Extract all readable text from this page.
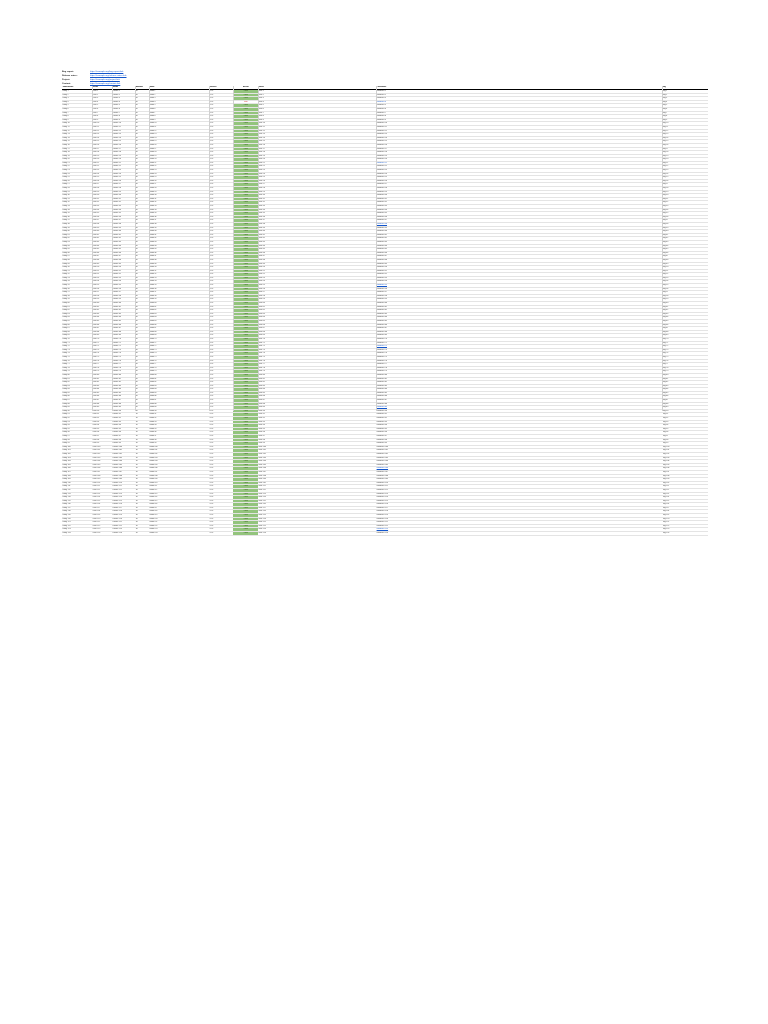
Bug report:	https://example.org/bug-report-link
Release notes:	https://example.org/release-notes-link
Project:	https://example.org/project-link
Contact:	https://example.org/contact-link
Submission	Tester	Model	Android	Build	Version	Result	Notes	Comments	Tag
Entry 1	User 1	Device 1	10	Build 1	v1.0	Pass	note 1	comment 1	Tag 1
Entry 2	User 2	Device 2	10	Build 2	v1.0	Pass	note 2	comment 2	Tag 2
Entry 3	User 3	Device 3	10	Build 3	v1.0	Pass	note 3	comment 3	Tag 3
Entry 4	User 4	Device 4	10	Build 4	v1.0	Fail	note 4	comment 4	Tag 4
Entry 5	User 5	Device 5	10	Build 5	v1.0	Pass	note 5	comment 5	Tag 5
Entry 6	User 6	Device 6	10	Build 6	v1.0	Pass	note 6	comment 6	Tag 6
Entry 7	User 7	Device 7	10	Build 7	v1.0	Pass	note 7	comment 7	Tag 7
Entry 8	User 8	Device 8	10	Build 8	v1.0	Pass	note 8	comment 8	Tag 8
Entry 9	User 9	Device 9	10	Build 9	v1.0	Pass	note 9	comment 9	Tag 9
Entry 10	User 10	Device 10	10	Build 10	v1.0	Pass	note 10	comment 10	Tag 10
Entry 11	User 11	Device 11	10	Build 11	v1.0	Pass	note 11	comment 11	Tag 11
Entry 12	User 12	Device 12	10	Build 12	v1.0	Pass	note 12	comment 12	Tag 12
Entry 13	User 13	Device 13	10	Build 13	v1.0	Pass	note 13	comment 13	Tag 13
Entry 14	User 14	Device 14	10	Build 14	v1.0	Pass	note 14	comment 14	Tag 14
Entry 15	User 15	Device 15	10	Build 15	v1.0	Pass	note 15	comment 15	Tag 15
Entry 16	User 16	Device 16	10	Build 16	v1.0	Pass	note 16	comment 16	Tag 16
Entry 17	User 17	Device 17	10	Build 17	v1.0	Pass	note 17	comment 17	Tag 17
Entry 18	User 18	Device 18	10	Build 18	v1.0	Pass	note 18	comment 18	Tag 18
Entry 19	User 19	Device 19	10	Build 19	v1.0	Pass	note 19	comment 19	Tag 19
Entry 20	User 20	Device 20	10	Build 20	v1.0	Pass	note 20	comment 20	Tag 20
Entry 21	User 21	Device 21	10	Build 21	v1.0	Pass	note 21	comment 21	Tag 21
Entry 22	User 22	Device 22	10	Build 22	v1.0	Pass	note 22	comment 22	Tag 22
Entry 23	User 23	Device 23	10	Build 23	v1.0	Pass	note 23	comment 23	Tag 23
Entry 24	User 24	Device 24	10	Build 24	v1.0	Pass	note 24	comment 24	Tag 24
Entry 25	User 25	Device 25	10	Build 25	v1.0	Pass	note 25	comment 25	Tag 25
Entry 26	User 26	Device 26	10	Build 26	v1.0	Pass	note 26	comment 26	Tag 26
Entry 27	User 27	Device 27	10	Build 27	v1.0	Pass	note 27	comment 27	Tag 27
Entry 28	User 28	Device 28	10	Build 28	v1.0	Pass	note 28	comment 28	Tag 28
Entry 29	User 29	Device 29	10	Build 29	v1.0	Pass	note 29	comment 29	Tag 29
Entry 30	User 30	Device 30	10	Build 30	v1.0	Pass	note 30	comment 30	Tag 30
Entry 31	User 31	Device 31	10	Build 31	v1.0	Pass	note 31	comment 31	Tag 31
Entry 32	User 32	Device 32	10	Build 32	v1.0	Pass	note 32	comment 32	Tag 32
Entry 33	User 33	Device 33	10	Build 33	v1.0	Pass	note 33	comment 33	Tag 33
Entry 34	User 34	Device 34	10	Build 34	v1.0	Pass	note 34	comment 34	Tag 34
Entry 35	User 35	Device 35	10	Build 35	v1.0	Pass	note 35	comment 35	Tag 35
Entry 36	User 36	Device 36	10	Build 36	v1.0	Pass	note 36	comment 36	Tag 36
Entry 37	User 37	Device 37	10	Build 37	v1.0	Pass	note 37	comment 37	Tag 37
Entry 38	User 38	Device 38	10	Build 38	v1.0	Pass	note 38	comment 38	Tag 38
Entry 39	User 39	Device 39	10	Build 39	v1.0	Pass	note 39	comment 39	Tag 39
Entry 40	User 40	Device 40	10	Build 40	v1.0	Pass	note 40	comment 40	Tag 40
Entry 41	User 41	Device 41	10	Build 41	v1.0	Pass	note 41	comment 41	Tag 41
Entry 42	User 42	Device 42	10	Build 42	v1.0	Pass	note 42	comment 42	Tag 42
Entry 43	User 43	Device 43	10	Build 43	v1.0	Pass	note 43	comment 43	Tag 43
Entry 44	User 44	Device 44	10	Build 44	v1.0	Pass	note 44	comment 44	Tag 44
Entry 45	User 45	Device 45	10	Build 45	v1.0	Pass	note 45	comment 45	Tag 45
Entry 46	User 46	Device 46	10	Build 46	v1.0	Pass	note 46	comment 46	Tag 46
Entry 47	User 47	Device 47	10	Build 47	v1.0	Pass	note 47	comment 47	Tag 47
Entry 48	User 48	Device 48	10	Build 48	v1.0	Pass	note 48	comment 48	Tag 48
Entry 49	User 49	Device 49	10	Build 49	v1.0	Pass	note 49	comment 49	Tag 49
Entry 50	User 50	Device 50	10	Build 50	v1.0	Pass	note 50	comment 50	Tag 50
Entry 51	User 51	Device 51	10	Build 51	v1.0	Pass	note 51	comment 51	Tag 51
Entry 52	User 52	Device 52	10	Build 52	v1.0	Pass	note 52	comment 52	Tag 52
Entry 53	User 53	Device 53	10	Build 53	v1.0	Pass	note 53	comment 53	Tag 53
Entry 54	User 54	Device 54	10	Build 54	v1.0	Pass	note 54	comment 54	Tag 54
Entry 55	User 55	Device 55	10	Build 55	v1.0	Pass	note 55	comment 55	Tag 55
Entry 56	User 56	Device 56	10	Build 56	v1.0	Pass	note 56	comment 56	Tag 56
Entry 57	User 57	Device 57	10	Build 57	v1.0	Pass	note 57	comment 57	Tag 57
Entry 58	User 58	Device 58	10	Build 58	v1.0	Pass	note 58	comment 58	Tag 58
Entry 59	User 59	Device 59	10	Build 59	v1.0	Pass	note 59	comment 59	Tag 59
Entry 60	User 60	Device 60	10	Build 60	v1.0	Pass	note 60	comment 60	Tag 60
Entry 61	User 61	Device 61	10	Build 61	v1.0	Pass	note 61	comment 61	Tag 61
Entry 62	User 62	Device 62	10	Build 62	v1.0	Pass	note 62	comment 62	Tag 62
Entry 63	User 63	Device 63	10	Build 63	v1.0	Pass	note 63	comment 63	Tag 63
Entry 64	User 64	Device 64	10	Build 64	v1.0	Pass	note 64	comment 64	Tag 64
Entry 65	User 65	Device 65	10	Build 65	v1.0	Pass	note 65	comment 65	Tag 65
Entry 66	User 66	Device 66	10	Build 66	v1.0	Pass	note 66	comment 66	Tag 66
Entry 67	User 67	Device 67	10	Build 67	v1.0	Pass	note 67	comment 67	Tag 67
Entry 68	User 68	Device 68	10	Build 68	v1.0	Pass	note 68	comment 68	Tag 68
Entry 69	User 69	Device 69	10	Build 69	v1.0	Pass	note 69	comment 69	Tag 69
Entry 70	User 70	Device 70	10	Build 70	v1.0	Pass	note 70	comment 70	Tag 70
Entry 71	User 71	Device 71	10	Build 71	v1.0	Pass	note 71	comment 71	Tag 71
Entry 72	User 72	Device 72	10	Build 72	v1.0	Pass	note 72	comment 72	Tag 72
Entry 73	User 73	Device 73	10	Build 73	v1.0	Pass	note 73	comment 73	Tag 73
Entry 74	User 74	Device 74	10	Build 74	v1.0	Pass	note 74	comment 74	Tag 74
Entry 75	User 75	Device 75	10	Build 75	v1.0	Pass	note 75	comment 75	Tag 75
Entry 76	User 76	Device 76	10	Build 76	v1.0	Pass	note 76	comment 76	Tag 76
Entry 77	User 77	Device 77	10	Build 77	v1.0	Pass	note 77	comment 77	Tag 77
Entry 78	User 78	Device 78	10	Build 78	v1.0	Pass	note 78	comment 78	Tag 78
Entry 79	User 79	Device 79	10	Build 79	v1.0	Pass	note 79	comment 79	Tag 79
Entry 80	User 80	Device 80	10	Build 80	v1.0	Pass	note 80	comment 80	Tag 80
Entry 81	User 81	Device 81	10	Build 81	v1.0	Pass	note 81	comment 81	Tag 81
Entry 82	User 82	Device 82	10	Build 82	v1.0	Pass	note 82	comment 82	Tag 82
Entry 83	User 83	Device 83	10	Build 83	v1.0	Pass	note 83	comment 83	Tag 83
Entry 84	User 84	Device 84	10	Build 84	v1.0	Pass	note 84	comment 84	Tag 84
Entry 85	User 85	Device 85	10	Build 85	v1.0	Pass	note 85	comment 85	Tag 85
Entry 86	User 86	Device 86	10	Build 86	v1.0	Pass	note 86	comment 86	Tag 86
Entry 87	User 87	Device 87	10	Build 87	v1.0	Pass	note 87	comment 87	Tag 87
Entry 88	User 88	Device 88	10	Build 88	v1.0	Pass	note 88	comment 88	Tag 88
Entry 89	User 89	Device 89	10	Build 89	v1.0	Pass	note 89	comment 89	Tag 89
Entry 90	User 90	Device 90	10	Build 90	v1.0	Pass	note 90	comment 90	Tag 90
Entry 91	User 91	Device 91	10	Build 91	v1.0	Pass	note 91	comment 91	Tag 91
Entry 92	User 92	Device 92	10	Build 92	v1.0	Pass	note 92	comment 92	Tag 92
Entry 93	User 93	Device 93	10	Build 93	v1.0	Pass	note 93	comment 93	Tag 93
Entry 94	User 94	Device 94	10	Build 94	v1.0	Pass	note 94	comment 94	Tag 94
Entry 95	User 95	Device 95	10	Build 95	v1.0	Pass	note 95	comment 95	Tag 95
Entry 96	User 96	Device 96	10	Build 96	v1.0	Pass	note 96	comment 96	Tag 96
Entry 97	User 97	Device 97	10	Build 97	v1.0	Pass	note 97	comment 97	Tag 97
Entry 98	User 98	Device 98	10	Build 98	v1.0	Pass	note 98	comment 98	Tag 98
Entry 99	User 99	Device 99	10	Build 99	v1.0	Pass	note 99	comment 99	Tag 99
Entry 100	User 100	Device 100	10	Build 100	v1.0	Pass	note 100	comment 100	Tag 100
Entry 101	User 101	Device 101	10	Build 101	v1.0	Pass	note 101	comment 101	Tag 101
Entry 102	User 102	Device 102	10	Build 102	v1.0	Pass	note 102	comment 102	Tag 102
Entry 103	User 103	Device 103	10	Build 103	v1.0	Pass	note 103	comment 103	Tag 103
Entry 104	User 104	Device 104	10	Build 104	v1.0	Pass	note 104	comment 104	Tag 104
Entry 105	User 105	Device 105	10	Build 105	v1.0	Pass	note 105	comment 105	Tag 105
Entry 106	User 106	Device 106	10	Build 106	v1.0	Pass	note 106	comment 106	Tag 106
Entry 107	User 107	Device 107	10	Build 107	v1.0	Pass	note 107	comment 107	Tag 107
Entry 108	User 108	Device 108	10	Build 108	v1.0	Pass	note 108	comment 108	Tag 108
Entry 109	User 109	Device 109	10	Build 109	v1.0	Pass	note 109	comment 109	Tag 109
Entry 110	User 110	Device 110	10	Build 110	v1.0	Pass	note 110	comment 110	Tag 110
Entry 111	User 111	Device 111	10	Build 111	v1.0	Pass	note 111	comment 111	Tag 111
Entry 112	User 112	Device 112	10	Build 112	v1.0	Pass	note 112	comment 112	Tag 112
Entry 113	User 113	Device 113	10	Build 113	v1.0	Pass	note 113	comment 113	Tag 113
Entry 114	User 114	Device 114	10	Build 114	v1.0	Pass	note 114	comment 114	Tag 114
Entry 115	User 115	Device 115	10	Build 115	v1.0	Pass	note 115	comment 115	Tag 115
Entry 116	User 116	Device 116	10	Build 116	v1.0	Pass	note 116	comment 116	Tag 116
Entry 117	User 117	Device 117	10	Build 117	v1.0	Pass	note 117	comment 117	Tag 117
Entry 118	User 118	Device 118	10	Build 118	v1.0	Pass	note 118	comment 118	Tag 118
Entry 119	User 119	Device 119	10	Build 119	v1.0	Pass	note 119	comment 119	Tag 119
Entry 120	User 120	Device 120	10	Build 120	v1.0	Pass	note 120	comment 120	Tag 120
Entry 121	User 121	Device 121	10	Build 121	v1.0	Pass	note 121	comment 121	Tag 121
Entry 122	User 122	Device 122	10	Build 122	v1.0	Pass	note 122	comment 122	Tag 122
Entry 123	User 123	Device 123	10	Build 123	v1.0	Pass	note 123	comment 123	Tag 123
Entry 124	User 124	Device 124	10	Build 124	v1.0	Pass	note 124	comment 124	Tag 124
